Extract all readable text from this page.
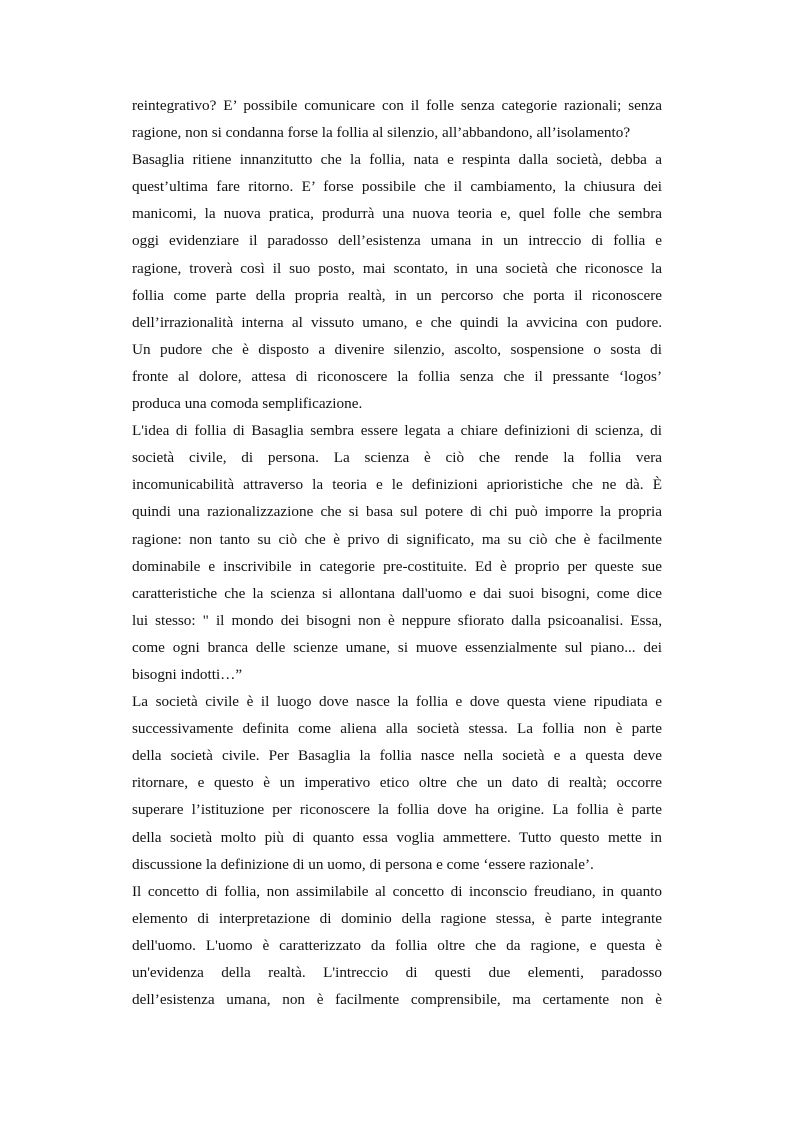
reintegrativo? E’ possibile comunicare con il folle senza categorie razionali; senza
ragione, non si condanna forse la follia al silenzio, all’abbandono, all’isolamento?
Basaglia ritiene innanzitutto che la follia, nata e respinta dalla società, debba a
quest’ultima fare ritorno. E’ forse possibile che il cambiamento, la chiusura dei
manicomi, la nuova pratica, produrrà una nuova teoria e, quel folle che sembra
oggi evidenziare il paradosso dell’esistenza umana in un intreccio di follia e
ragione, troverà così il suo posto, mai scontato, in una società che riconosce la
follia come parte della propria realtà, in un percorso che porta il riconoscere
dell’irrazionalità interna al vissuto umano, e che quindi la avvicina con pudore.
Un pudore che è disposto a divenire silenzio, ascolto, sospensione o sosta di
fronte al dolore, attesa di riconoscere la follia senza che il pressante ‘logos’
produca una comoda semplificazione.
L'idea di follia di Basaglia sembra essere legata a chiare definizioni di scienza, di
società civile, di persona. La scienza è ciò che rende la follia vera
incomunicabilità attraverso la teoria e le definizioni aprioristiche che ne dà. È
quindi una razionalizzazione che si basa sul potere di chi può imporre la propria
ragione: non tanto su ciò che è privo di significato, ma su ciò che è facilmente
dominabile e inscrivibile in categorie pre-costituite. Ed è proprio per queste sue
caratteristiche che la scienza si allontana dall'uomo e dai suoi bisogni, come dice
lui stesso: " il mondo dei bisogni non è neppure sfiorato dalla psicoanalisi. Essa,
come ogni branca delle scienze umane, si muove essenzialmente sul piano... dei
bisogni indotti…”
La società civile è il luogo dove nasce la follia e dove questa viene ripudiata e
successivamente definita come aliena alla società stessa. La follia non è parte
della società civile. Per Basaglia la follia nasce nella società e a questa deve
ritornare, e questo è un imperativo etico oltre che un dato di realtà; occorre
superare l’istituzione per riconoscere la follia dove ha origine. La follia è parte
della società molto più di quanto essa voglia ammettere. Tutto questo mette in
discussione la definizione di un uomo, di persona e come ‘essere razionale’.
Il concetto di follia, non assimilabile al concetto di inconscio freudiano, in quanto
elemento di interpretazione di dominio della ragione stessa, è parte integrante
dell'uomo. L'uomo è caratterizzato da follia oltre che da ragione, e questa è
un'evidenza della realtà. L'intreccio di questi due elementi, paradosso
dell’esistenza umana, non è facilmente comprensibile, ma certamente non è
